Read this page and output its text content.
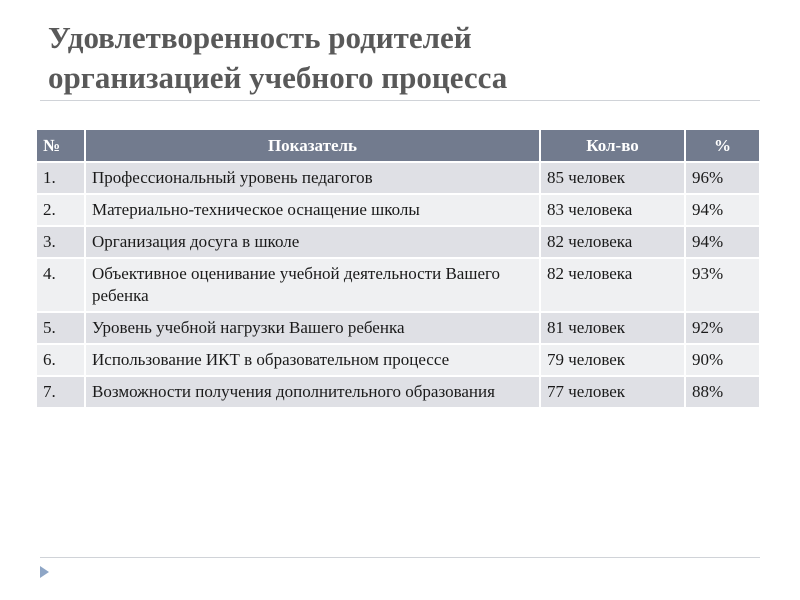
Удовлетворенность родителей
организацией учебного процесса
№	Показатель	Кол-во	%
1.	Профессиональный уровень педагогов	85 человек	96%
2.	Материально-техническое оснащение школы	83 человека	94%
3.	Организация досуга в школе	82 человека	94%
4.	Объективное оценивание учебной деятельности Вашего ребенка	82 человека	93%
5.	Уровень учебной нагрузки Вашего ребенка	81 человек	92%
6.	Использование ИКТ в образовательном процессе	79 человек	90%
7.	Возможности получения дополнительного образования	77 человек	88%
